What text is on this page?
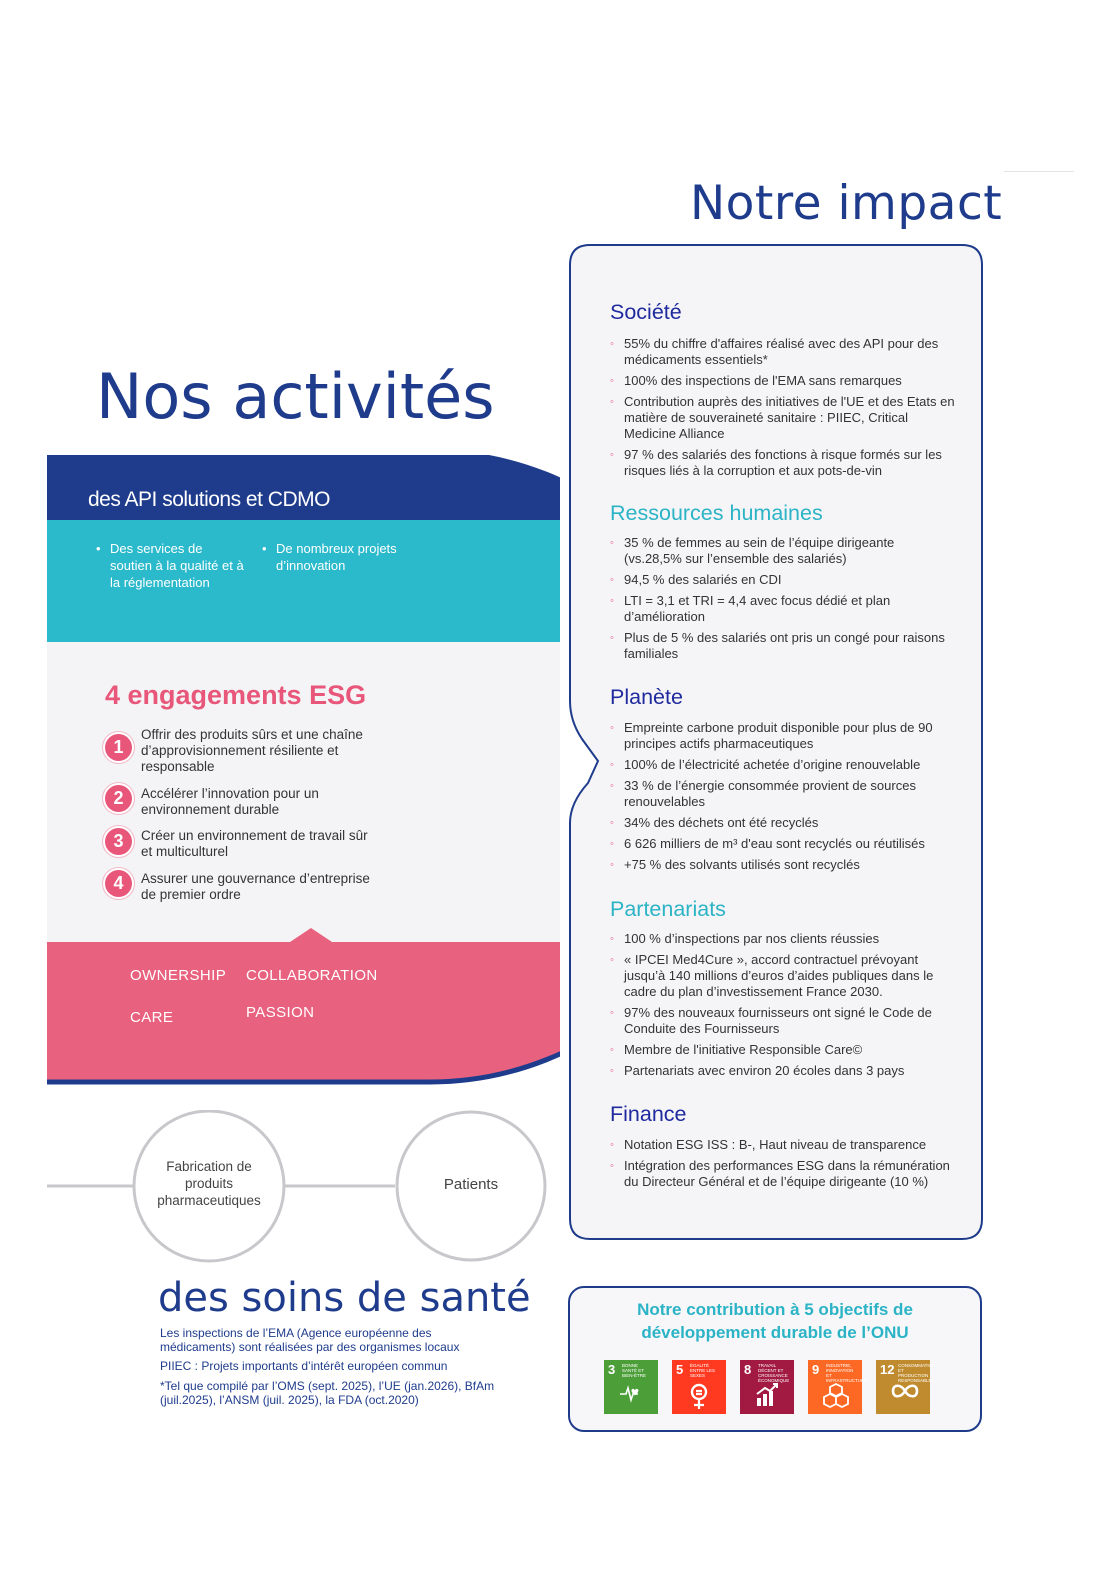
Notre impact
Société
◦ 55% du chiffre d'affaires réalisé avec des API pour des médicaments essentiels*
◦ 100% des inspections de l'EMA sans remarques
◦ Contribution auprès des initiatives de l'UE et des Etats en matière de souveraineté sanitaire : PIIEC, Critical Medicine Alliance
◦ 97 % des salariés des fonctions à risque formés sur les risques liés à la corruption et aux pots-de-vin
Ressources humaines
◦ 35 % de femmes au sein de l’équipe dirigeante (vs.28,5% sur l’ensemble des salariés)
◦ 94,5 % des salariés en CDI
◦ LTI = 3,1 et TRI = 4,4 avec focus dédié et plan d’amélioration
◦ Plus de 5 % des salariés ont pris un congé pour raisons familiales
Planète
◦ Empreinte carbone produit disponible pour plus de 90 principes actifs pharmaceutiques
◦ 100% de l’électricité achetée d’origine renouvelable
◦ 33 % de l’énergie consommée provient de sources renouvelables
◦ 34% des déchets ont été recyclés
◦ 6 626 milliers de m³ d'eau sont recyclés ou réutilisés
◦ +75 % des solvants utilisés sont recyclés
Partenariats
◦ 100 % d’inspections par nos clients réussies
◦ « IPCEI Med4Cure », accord contractuel prévoyant jusqu’à 140 millions d’euros d’aides publiques dans le cadre du plan d’investissement France 2030.
◦ 97% des nouveaux fournisseurs ont signé le Code de Conduite des Fournisseurs
◦ Membre de l'initiative Responsible Care©
◦ Partenariats avec environ 20 écoles dans 3 pays
Finance
◦ Notation ESG ISS : B-, Haut niveau de transparence
◦ Intégration des performances ESG dans la rémunération du Directeur Général et de l’équipe dirigeante (10 %)
Notre contribution à 5 objectifs de
développement durable de l’ONU
3 BONNE SANTÉ ET BIEN-ÊTRE	5 ÉGALITÉ ENTRE LES SEXES	8 TRAVAIL DÉCENT ET CROISSANCE ÉCONOMIQUE
9 INDUSTRIE, INNOVATION ET INFRASTRUCTURE
12 CONSOMMATION ET PRODUCTION RESPONSABLES
Nos activités
des API solutions et CDMO
• Des services de soutien à la qualité et à la réglementation
• De nombreux projets d’innovation
4 engagements ESG
1
Offrir des produits sûrs et une chaîne d’approvisionnement résiliente et responsable
2	Accélérer l’innovation pour un environnement durable
3	Créer un environnement de travail sûr et multiculturel
4	Assurer une gouvernance d’entreprise de premier ordre
OWNERSHIP COLLABORATION
CARE	PASSION
Fabrication de produits pharmaceutiques
Patients
des soins de santé
Les inspections de l’EMA (Agence européenne des médicaments) sont réalisées par des organismes locaux
PIIEC : Projets importants d’intérêt européen commun
*Tel que compilé par l’OMS (sept. 2025), l’UE (jan.2026), BfAm (juil.2025), l’ANSM (juil. 2025), la FDA (oct.2020)
